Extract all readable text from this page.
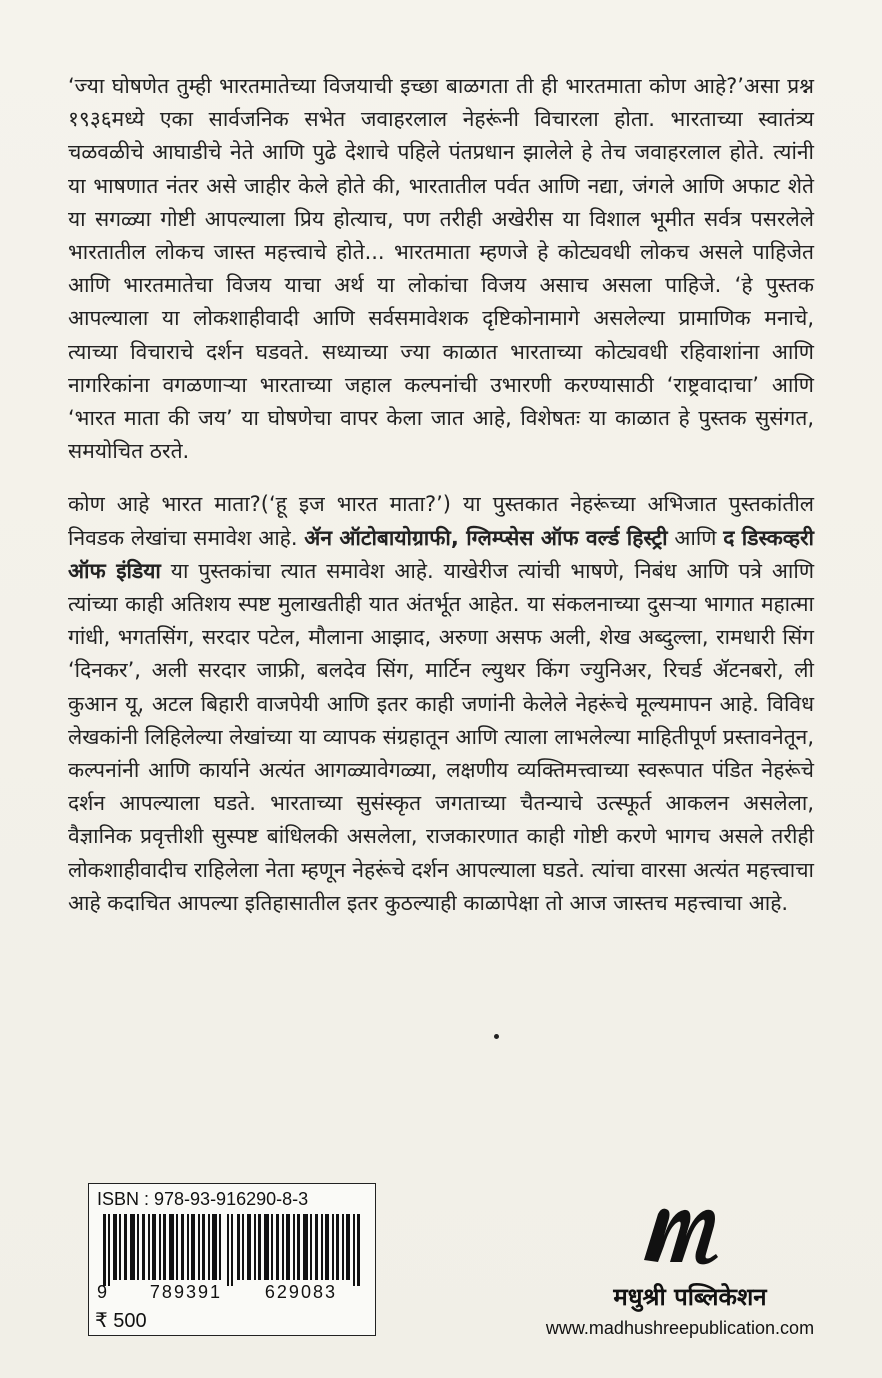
‘ज्या घोषणेत तुम्ही भारतमातेच्या विजयाची इच्छा बाळगता ती ही भारतमाता कोण आहे?’असा प्रश्न १९३६मध्ये एका सार्वजनिक सभेत जवाहरलाल नेहरूंनी विचारला होता. भारताच्या स्वातंत्र्य चळवळीचे आघाडीचे नेते आणि पुढे देशाचे पहिले पंतप्रधान झालेले हे तेच जवाहरलाल होते. त्यांनी या भाषणात नंतर असे जाहीर केले होते की, भारतातील पर्वत आणि नद्या, जंगले आणि अफाट शेते या सगळ्या गोष्टी आपल्याला प्रिय होत्याच, पण तरीही अखेरीस या विशाल भूमीत सर्वत्र पसरलेले भारतातील लोकच जास्त महत्त्वाचे होते... भारतमाता म्हणजे हे कोट्यवधी लोकच असले पाहिजेत आणि भारतमातेचा विजय याचा अर्थ या लोकांचा विजय असाच असला पाहिजे. ‘हे पुस्तक आपल्याला या लोकशाहीवादी आणि सर्वसमावेशक दृष्टिकोनामागे असलेल्या प्रामाणिक मनाचे, त्याच्या विचाराचे दर्शन घडवते. सध्याच्या ज्या काळात भारताच्या कोट्यवधी रहिवाशांना आणि नागरिकांना वगळणाऱ्या भारताच्या जहाल कल्पनांची उभारणी करण्यासाठी ‘राष्ट्रवादाचा’ आणि ‘भारत माता की जय’ या घोषणेचा वापर केला जात आहे, विशेषतः या काळात हे पुस्तक सुसंगत, समयोचित ठरते.

कोण आहे भारत माता?(‘हू इज भारत माता?’) या पुस्तकात नेहरूंच्या अभिजात पुस्तकांतील निवडक लेखांचा समावेश आहे. ॲन ऑटोबायोग्राफी, ग्लिम्प्सेस ऑफ वर्ल्ड हिस्ट्री आणि द डिस्कव्हरी ऑफ इंडिया या पुस्तकांचा त्यात समावेश आहे. याखेरीज त्यांची भाषणे, निबंध आणि पत्रे आणि त्यांच्या काही अतिशय स्पष्ट मुलाखतीही यात अंतर्भूत आहेत. या संकलनाच्या दुसऱ्या भागात महात्मा गांधी, भगतसिंग, सरदार पटेल, मौलाना आझाद, अरुणा असफ अली, शेख अब्दुल्ला, रामधारी सिंग ‘दिनकर’, अली सरदार जाफ्री, बलदेव सिंग, मार्टिन ल्युथर किंग ज्युनिअर, रिचर्ड ॲटनबरो, ली कुआन यू, अटल बिहारी वाजपेयी आणि इतर काही जणांनी केलेले नेहरूंचे मूल्यमापन आहे. विविध लेखकांनी लिहिलेल्या लेखांच्या या व्यापक संग्रहातून आणि त्याला लाभलेल्या माहितीपूर्ण प्रस्तावनेतून, कल्पनांनी आणि कार्याने अत्यंत आगळ्यावेगळ्या, लक्षणीय व्यक्तिमत्त्वाच्या स्वरूपात पंडित नेहरूंचे दर्शन आपल्याला घडते. भारताच्या सुसंस्कृत जगताच्या चैतन्याचे उत्स्फूर्त आकलन असलेला, वैज्ञानिक प्रवृत्तीशी सुस्पष्ट बांधिलकी असलेला, राजकारणात काही गोष्टी करणे भागच असले तरीही लोकशाहीवादीच राहिलेला नेता म्हणून नेहरूंचे दर्शन आपल्याला घडते. त्यांचा वारसा अत्यंत महत्त्वाचा आहे कदाचित आपल्या इतिहासातील इतर कुठल्याही काळापेक्षा तो आज जास्तच महत्त्वाचा आहे.

ISBN : 978-93-916290-8-3
9 789391 629083
₹ 500
मधुश्री पब्लिकेशन
www.madhushreepublication.com
